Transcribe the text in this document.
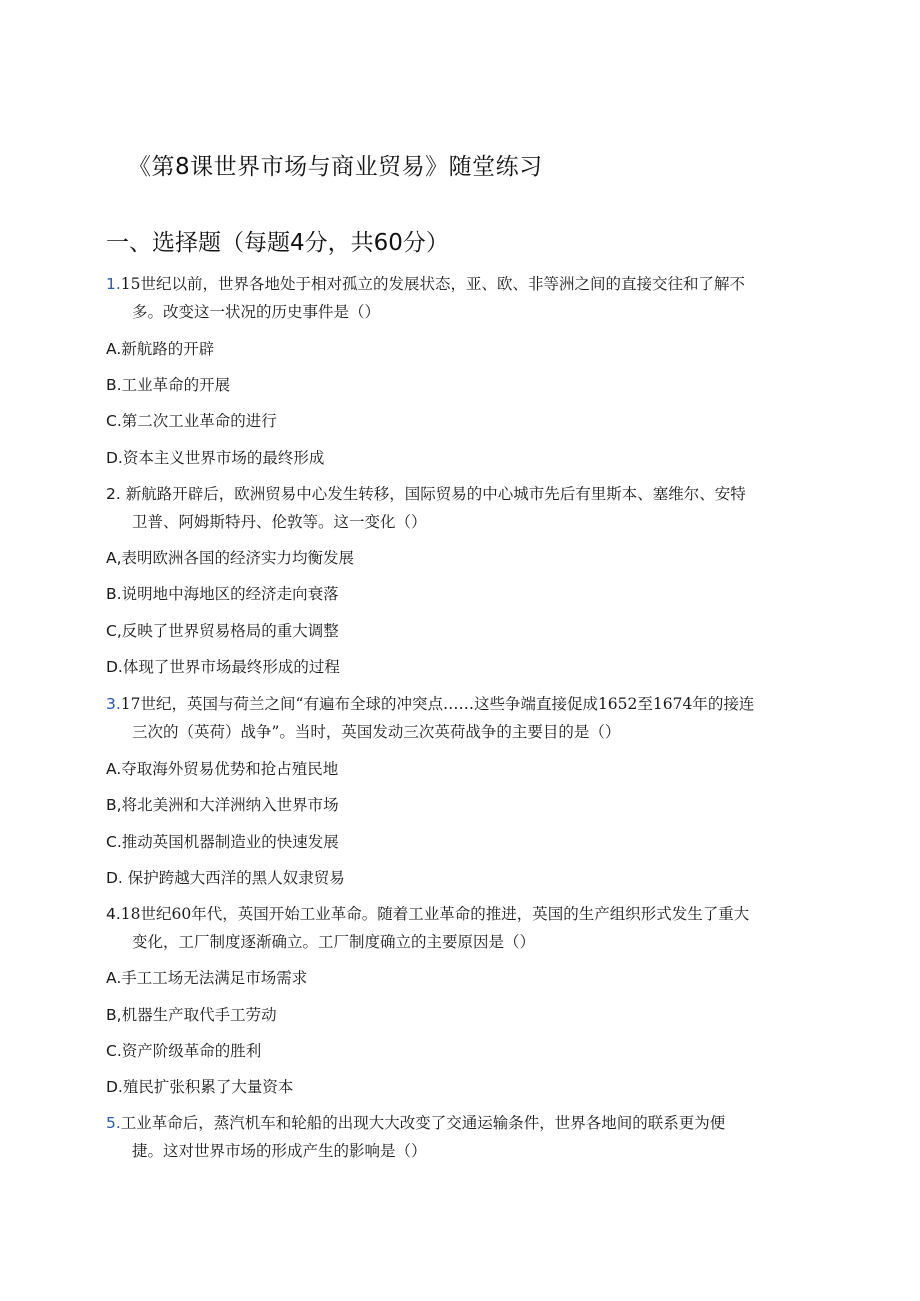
《第8课世界市场与商业贸易》随堂练习
一、选择题（每题4分，共60分）
1.15世纪以前，世界各地处于相对孤立的发展状态，亚、欧、非等洲之间的直接交往和了解不
多。改变这一状况的历史事件是（）
A.新航路的开辟
B.工业革命的开展
C.第二次工业革命的进行
D.资本主义世界市场的最终形成
2. 新航路开辟后，欧洲贸易中心发生转移，国际贸易的中心城市先后有里斯本、塞维尔、安特
卫普、阿姆斯特丹、伦敦等。这一变化（）
A,表明欧洲各国的经济实力均衡发展
B.说明地中海地区的经济走向衰落
C,反映了世界贸易格局的重大调整
D.体现了世界市场最终形成的过程
3.17世纪，英国与荷兰之间“有遍布全球的冲突点……这些争端直接促成1652至1674年的接连
三次的（英荷）战争”。当时，英国发动三次英荷战争的主要目的是（）
A.夺取海外贸易优势和抢占殖民地
B,将北美洲和大洋洲纳入世界市场
C.推动英国机器制造业的快速发展
D. 保护跨越大西洋的黑人奴隶贸易
4.18世纪60年代，英国开始工业革命。随着工业革命的推进，英国的生产组织形式发生了重大
变化，工厂制度逐渐确立。工厂制度确立的主要原因是（）
A.手工工场无法满足市场需求
B,机器生产取代手工劳动
C.资产阶级革命的胜利
D.殖民扩张积累了大量资本
5.工业革命后，蒸汽机车和轮船的出现大大改变了交通运输条件，世界各地间的联系更为便
捷。这对世界市场的形成产生的影响是（）
